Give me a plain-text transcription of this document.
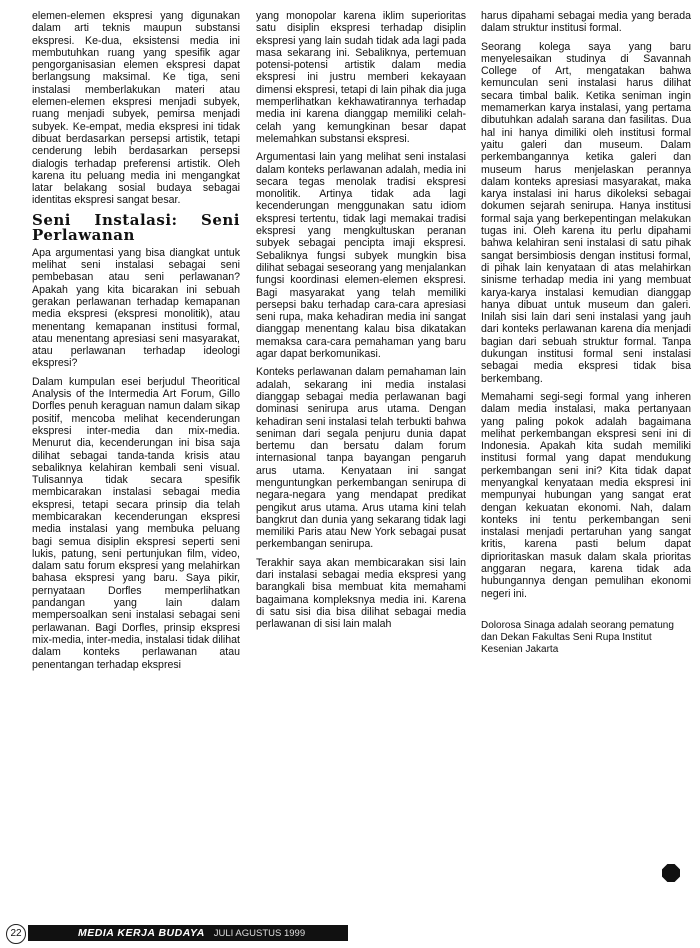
elemen-elemen ekspresi yang digunakan dalam arti teknis maupun substansi ekspresi. Ke-dua, eksistensi media ini membutuhkan ruang yang spesifik agar pengorganisasian elemen ekspresi dapat berlangsung maksimal. Ke tiga, seni instalasi memberlakukan materi atau elemen-elemen ekspresi menjadi subyek, ruang menjadi subyek, pemirsa menjadi subyek. Ke-empat, media ekspresi ini tidak dibuat berdasarkan persepsi artistik, tetapi cenderung lebih berdasarkan persepsi dialogis terhadap preferensi artistik. Oleh karena itu peluang media ini mengangkat latar belakang sosial budaya sebagai identitas ekspresi sangat besar.

Seni Instalasi: Seni Perlawanan

Apa argumentasi yang bisa diangkat untuk melihat seni instalasi sebagai seni pembebasan atau seni perlawanan? Apakah yang kita bicarakan ini sebuah gerakan perlawanan terhadap kemapanan media ekspresi (ekspresi monolitik), atau menentang kemapanan institusi formal, atau menentang apresiasi seni masyarakat, atau perlawanan terhadap ideologi ekspresi?

Dalam kumpulan esei berjudul Theoritical Analysis of the Intermedia Art Forum, Gillo Dorfles penuh keraguan namun dalam sikap positif, mencoba melihat kecenderungan ekspresi inter-media dan mix-media. Menurut dia, kecenderungan ini bisa saja dilihat sebagai tanda-tanda krisis atau sebaliknya kelahiran kembali seni visual. Tulisannya tidak secara spesifik membicarakan instalasi sebagai media ekspresi, tetapi secara prinsip dia telah membicarakan kecenderungan ekspresi media instalasi yang membuka peluang bagi semua disiplin ekspresi seperti seni lukis, patung, seni pertunjukan film, video, dalam satu forum ekspresi yang melahirkan bahasa ekspresi yang baru. Saya pikir, pernyataan Dorfles memperlihatkan pandangan yang lain dalam mempersoalkan seni instalasi sebagai seni perlawanan. Bagi Dorfles, prinsip ekspresi mix-media, inter-media, instalasi tidak dilihat dalam konteks perlawanan atau penentangan terhadap ekspresi

yang monopolar karena iklim superioritas satu disiplin ekspresi terhadap disiplin ekspresi yang lain sudah tidak ada lagi pada masa sekarang ini. Sebaliknya, pertemuan potensi-potensi artistik dalam media ekspresi ini justru memberi kekayaan dimensi ekspresi, tetapi di lain pihak dia juga memperlihatkan kekhawatirannya terhadap media ini karena dianggap memiliki celah-celah yang kemungkinan besar dapat melemahkan substansi ekspresi.

Argumentasi lain yang melihat seni instalasi dalam konteks perlawanan adalah, media ini secara tegas menolak tradisi ekspresi monolitik. Artinya tidak ada lagi kecenderungan menggunakan satu idiom ekspresi tertentu, tidak lagi memakai tradisi ekspresi yang mengkultuskan peranan subyek sebagai pencipta imaji ekspresi. Sebaliknya fungsi subyek mungkin bisa dilihat sebagai seseorang yang menjalankan fungsi koordinasi elemen-elemen ekspresi. Bagi masyarakat yang telah memiliki persepsi baku terhadap cara-cara apresiasi seni rupa, maka kehadiran media ini sangat dianggap menentang kalau bisa dikatakan memaksa cara-cara pemahaman yang baru agar dapat berkomunikasi.

Konteks perlawanan dalam pemahaman lain adalah, sekarang ini media instalasi dianggap sebagai media perlawanan bagi dominasi senirupa arus utama. Dengan kehadiran seni instalasi telah terbukti bahwa seniman dari segala penjuru dunia dapat bertemu dan bersatu dalam forum internasional tanpa bayangan pengaruh arus utama. Kenyataan ini sangat menguntungkan perkembangan senirupa di negara-negara yang mendapat predikat pengikut arus utama. Arus utama kini telah bangkrut dan dunia yang sekarang tidak lagi memiliki Paris atau New York sebagai pusat perkembangan senirupa.

Terakhir saya akan membicarakan sisi lain dari instalasi sebagai media ekspresi yang barangkali bisa membuat kita memahami bagaimana kompleksnya media ini. Karena di satu sisi dia bisa dilihat sebagai media perlawanan di sisi lain malah

harus dipahami sebagai media yang berada dalam struktur institusi formal.

Seorang kolega saya yang baru menyelesaikan studinya di Savannah College of Art, mengatakan bahwa kemunculan seni instalasi harus dilihat secara timbal balik. Ketika seniman ingin memamerkan karya instalasi, yang pertama dibutuhkan adalah sarana dan fasilitas. Dua hal ini hanya dimiliki oleh institusi formal yaitu galeri dan museum. Dalam perkembangannya ketika galeri dan museum harus menjelaskan perannya dalam konteks apresiasi masyarakat, maka karya instalasi ini harus dikoleksi sebagai dokumen sejarah senirupa. Hanya institusi formal saja yang berkepentingan melakukan tugas ini. Oleh karena itu perlu dipahami bahwa kelahiran seni instalasi di satu pihak sangat bersimbiosis dengan institusi formal, di pihak lain kenyataan di atas melahirkan sinisme terhadap media ini yang membuat karya-karya instalasi kemudian dianggap hanya dibuat untuk museum dan galeri. Inilah sisi lain dari seni instalasi yang jauh dari konteks perlawanan karena dia menjadi bagian dari sebuah struktur formal. Tanpa dukungan institusi formal seni instalasi sebagai media ekspresi tidak bisa berkembang.

Memahami segi-segi formal yang inheren dalam media instalasi, maka pertanyaan yang paling pokok adalah bagaimana melihat perkembangan ekspresi seni ini di Indonesia. Apakah kita sudah memiliki institusi formal yang dapat mendukung perkembangan seni ini? Kita tidak dapat menyangkal kenyataan media ekspresi ini mempunyai hubungan yang sangat erat dengan kekuatan ekonomi. Nah, dalam konteks ini tentu perkembangan seni instalasi menjadi pertaruhan yang sangat kritis, karena pasti belum dapat diprioritaskan masuk dalam skala prioritas anggaran negara, karena tidak ada hubungannya dengan pemulihan ekonomi negeri ini.

Dolorosa Sinaga adalah seorang pematung dan Dekan Fakultas Seni Rupa Institut Kesenian Jakarta

22	MEDIA KERJA BUDAYA JULI AGUSTUS 1999
